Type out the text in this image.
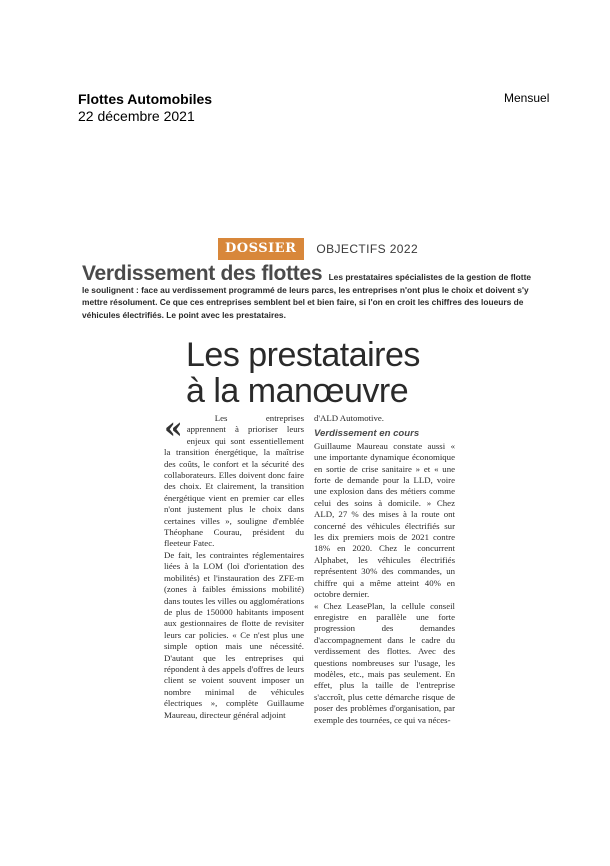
Flottes Automobiles
22 décembre 2021
Mensuel
DOSSIER	OBJECTIFS 2022
Verdissement des flottes Les prestataires spécialistes de la gestion de flotte le soulignent : face au verdissement programmé de leurs parcs, les entreprises n'ont plus le choix et doivent s'y mettre résolument. Ce que ces entreprises semblent bel et bien faire, si l'on en croit les chiffres des loueurs de véhicules électrifiés. Le point avec les prestataires.
Les prestataires
à la manœuvre
«	Les entreprises apprennent à prioriser leurs enjeux qui sont essentiellement la transition énergétique, la maîtrise des coûts, le confort et la sécurité des collaborateurs. Elles doivent donc faire des choix. Et clairement, la transition énergétique vient en premier car elles n'ont justement plus le choix dans certaines villes », souligne d'emblée Théophane Courau, président du fleeteur Fatec.

De fait, les contraintes réglementaires liées à la LOM (loi d'orientation des mobilités) et l'instauration des ZFE-m (zones à faibles émissions mobilité) dans toutes les villes ou agglomérations de plus de 150000 habitants imposent aux gestionnaires de flotte de revisiter leurs car policies. « Ce n'est plus une simple option mais une nécessité. D'autant que les entreprises qui répondent à des appels d'offres de leurs client se voient souvent imposer un nombre minimal de véhicules électriques », complète Guillaume Maureau, directeur général adjoint

d'ALD Automotive.

Verdissement en cours

Guillaume Maureau constate aussi « une importante dynamique économique en sortie de crise sanitaire » et « une forte de demande pour la LLD, voire une explosion dans des métiers comme celui des soins à domicile. » Chez ALD, 27 % des mises à la route ont concerné des véhicules électrifiés sur les dix premiers mois de 2021 contre 18% en 2020. Chez le concurrent Alphabet, les véhicules électrifiés représentent 30% des commandes, un chiffre qui a même atteint 40% en octobre dernier.

« Chez LeasePlan, la cellule conseil enregistre en parallèle une forte progression des demandes d'accompagnement dans le cadre du verdissement des flottes. Avec des questions nombreuses sur l'usage, les modèles, etc., mais pas seulement. En effet, plus la taille de l'entreprise s'accroît, plus cette démarche risque de poser des problèmes d'organisation, par exemple des tournées, ce qui va néces-
